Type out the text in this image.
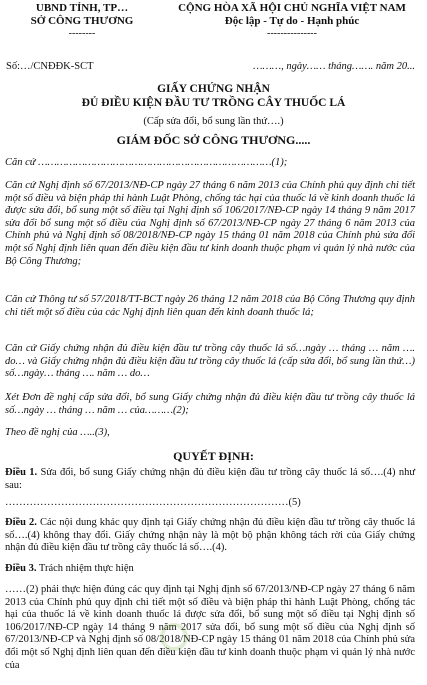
UBND TỈNH, TP…
SỞ CÔNG THƯƠNG
--------
CỘNG HÒA XÃ HỘI CHỦ NGHĨA VIỆT NAM
Độc lập - Tự do - Hạnh phúc
---------------
Số:…/CNĐĐK-SCT	………, ngày…… tháng……. năm 20...
GIẤY CHỨNG NHẬN
ĐỦ ĐIỀU KIỆN ĐẦU TƯ TRỒNG CÂY THUỐC LÁ
(Cấp sửa đổi, bổ sung lần thứ….)
GIÁM ĐỐC SỞ CÔNG THƯƠNG.....
Căn cứ …………………………………………………………………(1);
Căn cứ Nghị định số 67/2013/NĐ-CP ngày 27 tháng 6 năm 2013 của Chính phủ quy định chi tiết một số điều và biện pháp thi hành Luật Phòng, chống tác hại của thuốc lá về kinh doanh thuốc lá được sửa đổi, bổ sung một số điều tại Nghị định số 106/2017/NĐ-CP ngày 14 tháng 9 năm 2017 sửa đổi bổ sung một số điều của Nghị định số 67/2013/NĐ-CP ngày 27 tháng 6 năm 2013 của Chính phủ và Nghị định số 08/2018/NĐ-CP ngày 15 tháng 01 năm 2018 của Chính phủ sửa đổi một số Nghị định liên quan đến điều kiện đầu tư kinh doanh thuộc phạm vi quản lý nhà nước của Bộ Công Thương;
Căn cứ Thông tư số 57/2018/TT-BCT ngày 26 tháng 12 năm 2018 của Bộ Công Thương quy định chi tiết một số điều của các Nghị định liên quan đến kinh doanh thuốc lá;
Căn cứ Giấy chứng nhận đủ điều kiện đầu tư trồng cây thuốc lá số…ngày … tháng … năm …. do… và Giấy chứng nhận đủ điều kiện đầu tư trồng cây thuốc lá (cấp sửa đổi, bổ sung lần thứ…) số…ngày… tháng …. năm … do…
Xét Đơn đề nghị cấp sửa đổi, bổ sung Giấy chứng nhận đủ điều kiện đầu tư trồng cây thuốc lá số…ngày … tháng … năm … của………(2);
Theo đề nghị của …..(3),
QUYẾT ĐỊNH:
Điều 1. Sửa đổi, bổ sung Giấy chứng nhận đủ điều kiện đầu tư trồng cây thuốc lá số….(4) như sau:
………………………………………………………………………(5)
Điều 2. Các nội dung khác quy định tại Giấy chứng nhận đủ điều kiện đầu tư trồng cây thuốc lá số….(4) không thay đổi. Giấy chứng nhận này là một bộ phận không tách rời của Giấy chứng nhận đủ điều kiện đầu tư trồng cây thuốc lá số….(4).
Điều 3. Trách nhiệm thực hiện
……(2) phải thực hiện đúng các quy định tại Nghị định số 67/2013/NĐ-CP ngày 27 tháng 6 năm 2013 của Chính phủ quy định chi tiết một số điều và biện pháp thi hành Luật Phòng, chống tác hại của thuốc lá về kinh doanh thuốc lá được sửa đổi, bổ sung một số điều tại Nghị định số 106/2017/NĐ-CP ngày 14 tháng 9 năm 2017 sửa đổi, bổ sung một số điều của Nghị định số 67/2013/NĐ-CP và Nghị định số 08/2018/NĐ-CP ngày 15 tháng 01 năm 2018 của Chính phủ sửa đổi một số Nghị định liên quan đến điều kiện đầu tư kinh doanh thuộc phạm vi quản lý nhà nước của
